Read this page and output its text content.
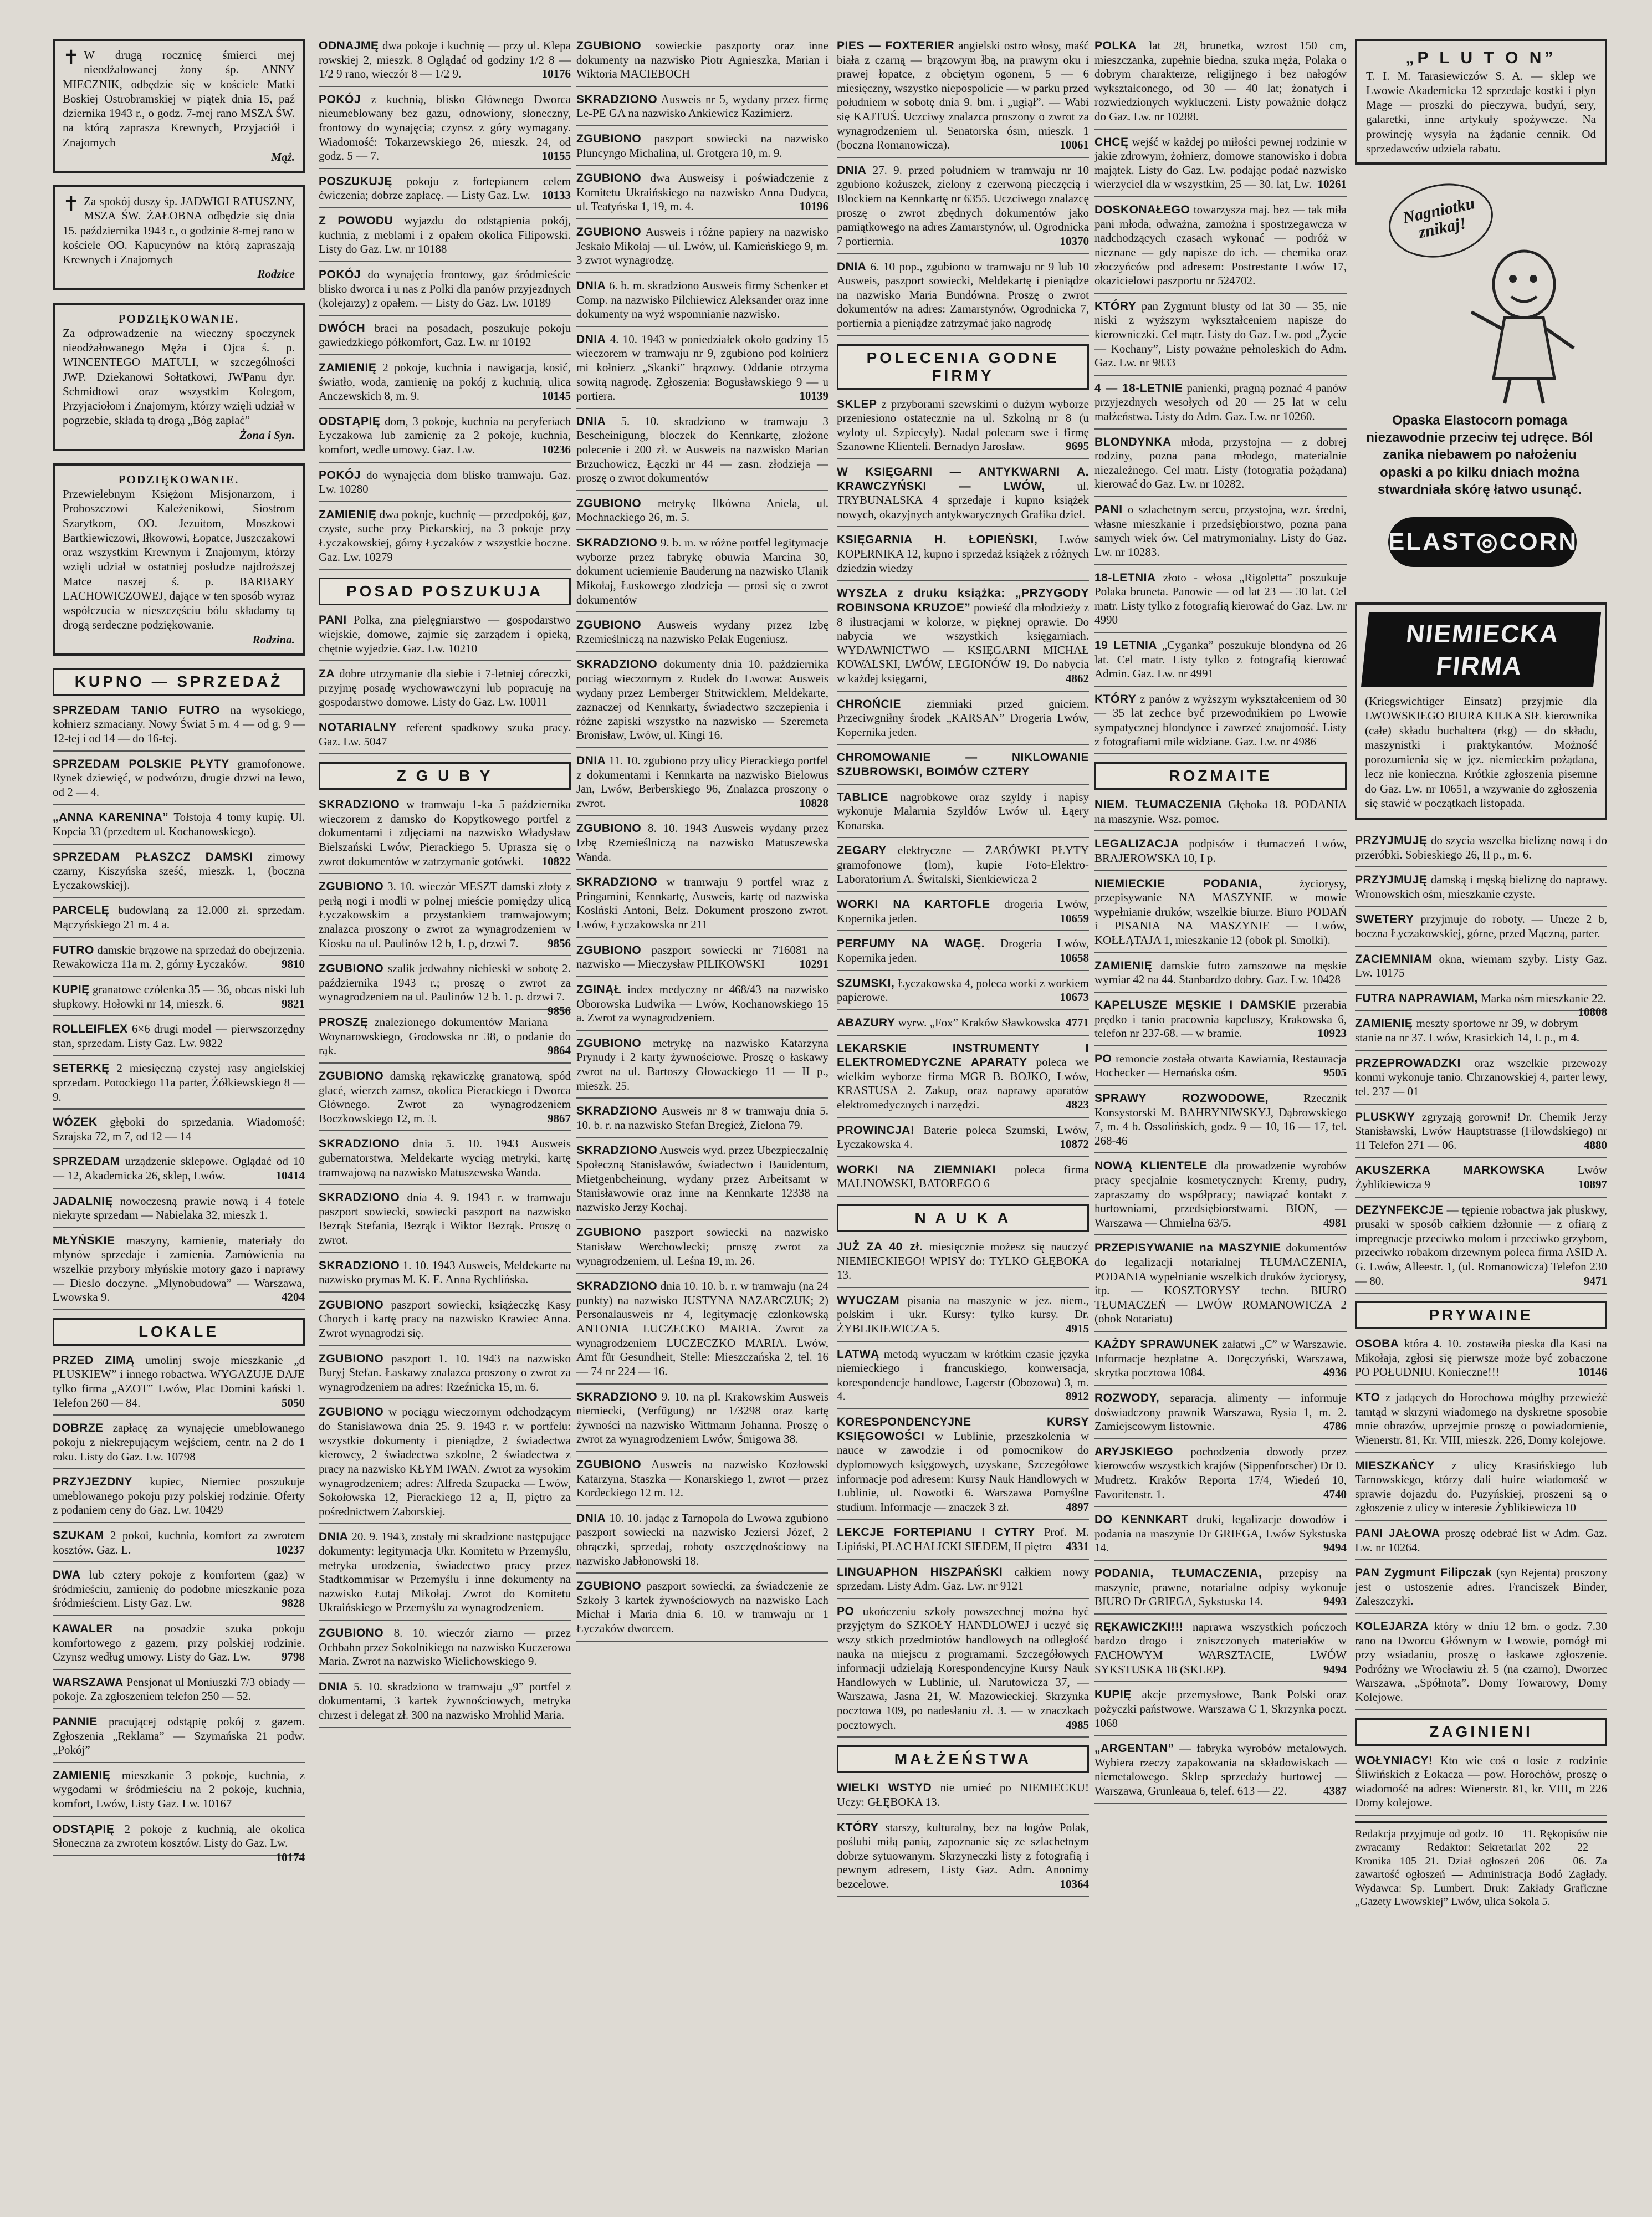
✝ W drugą rocznicę śmierci mej nieodżałowanej żony śp. ANNY MIECZNIK, odbędzie się w kościele Matki Boskiej Ostrobramskiej w piątek dnia 15, paź dziernika 1943 r., o godz. 7-mej rano MSZA ŚW. na którą zaprasza Krewnych, Przyjaciół i Znajomych
Mąż.
✝ Za spokój duszy śp. JADWIGI RATUSZNY, MSZA ŚW. ŻAŁOBNA odbędzie się dnia 15. października 1943 r., o godzinie 8-mej rano w kościele OO. Kapucynów na którą zapraszają Krewnych i Znajomych
Rodzice
PODZIĘKOWANIE.
Za odprowadzenie na wieczny spoczynek nieodżałowanego Męża i Ojca ś. p. WINCENTEGO MATULI, w szczególności JWP. Dziekanowi Sołtatkowi, JWPanu dyr. Schmidtowi oraz wszystkim Kolegom, Przyjaciołom i Znajomym, którzy wzięli udział w pogrzebie, składa tą drogą „Bóg zapłać”
Żona i Syn.
PODZIĘKOWANIE.
Przewielebnym Księżom Misjonarzom, i Proboszczowi Kależenikowi, Siostrom Szarytkom, OO. Jezuitom, Moszkowi Bartkiewiczowi, Iłkowowi, Łopatce, Juszczakowi oraz wszystkim Krewnym i Znajomym, którzy wzięli udział w ostatniej posłudze najdroższej Matce naszej ś. p. BARBARY LACHOWICZOWEJ, dające w ten sposób wyraz współczucia w nieszczęściu bólu składamy tą drogą serdeczne podziękowanie.
Rodzina.
KUPNO — SPRZEDAŻ

SPRZEDAM TANIO FUTRO na wysokiego, kołnierz szmaciany. Nowy Świat 5 m. 4 — od g. 9 — 12-tej i od 14 — do 16-tej.

SPRZEDAM POLSKIE PŁYTY gramofonowe. Rynek dziewięć, w podwórzu, drugie drzwi na lewo, od 2 — 4.

„ANNA KARENINA” Tołstoja 4 tomy kupię. Ul. Kopcia 33 (przedtem ul. Kochanowskiego).

SPRZEDAM PŁASZCZ DAMSKI zimowy czarny, Kiszyńska sześć, mieszk. 1, (boczna Łyczakowskiej).

PARCELĘ budowlaną za 12.000 zł. sprzedam. Mączyńskiego 21 m. 4 a.

FUTRO damskie brązowe na sprzedaż do obejrzenia. Rewakowicza 11a m. 2, górny Łyczaków.	9810

KUPIĘ granatowe czółenka 35 — 36, obcas niski lub słupkowy. Hołowki nr 14, mieszk. 6.	9821

ROLLEIFLEX 6×6 drugi model — pierwszorzędny stan, sprzedam. Listy Gaz. Lw. 9822

SETERKĘ 2 miesięczną czystej rasy angielskiej sprzedam. Potockiego 11a parter, Żółkiewskiego 8 — 9.

WÓZEK głęboki do sprzedania. Wiadomość: Szrajska 72, m 7, od 12 — 14

SPRZEDAM urządzenie sklepowe. Oglądać od 10 — 12, Akademicka 26, sklep, Lwów.	10414

JADALNIĘ nowoczesną prawie nową i 4 fotele niekryte sprzedam — Nabielaka 32, mieszk 1.

MŁYŃSKIE maszyny, kamienie, materiały do młynów sprzedaje i zamienia. Zamówienia na wszelkie przybory młyńskie motory gazo i naprawy — Dieslo doczyne. „Młynobudowa” — Warszawa, Lwowska 9.	4204

LOKALE

PRZED ZIMĄ umolinj swoje mieszkanie „d PLUSKIEW” i innego robactwa. WYGAZUJE DAJE tylko firma „AZOT” Lwów, Plac Domini kański 1. Telefon 260 — 84.	5050

DOBRZE zapłacę za wynajęcie umeblowanego pokoju z niekrepującym wejściem, centr. na 2 do 1 roku. Listy do Gaz. Lw. 10798

PRZYJEZDNY kupiec, Niemiec poszukuje umeblowanego pokoju przy polskiej rodzinie. Oferty z podaniem ceny do Gaz. Lw. 10429

SZUKAM 2 pokoi, kuchnia, komfort za zwrotem kosztów. Gaz. L.	10237

DWA lub cztery pokoje z komfortem (gaz) w śródmieściu, zamienię do podobne mieszkanie poza śródmieściem. Listy Gaz. Lw.	9828

KAWALER na posadzie szuka pokoju komfortowego z gazem, przy polskiej rodzinie. Czynsz według umowy. Listy do Gaz. Lw.	9798

WARSZAWA Pensjonat ul Moniuszki 7/3 obiady — pokoje. Za zgłoszeniem telefon 250 — 52.

PANNIE pracującej odstąpię pokój z gazem. Zgłoszenia „Reklama” — Szymańska 21 podw. „Pokój”

ZAMIENIĘ mieszkanie 3 pokoje, kuchnia, z wygodami w śródmieściu na 2 pokoje, kuchnia, komfort, Lwów, Listy Gaz. Lw. 10167

ODSTĄPIĘ 2 pokoje z kuchnią, ale okolica Słoneczna za zwrotem kosztów. Listy do Gaz. Lw.
10174

ODNAJMĘ dwa pokoje i kuchnię — przy ul. Klepa rowskiej 2, mieszk. 8 Oglądać od godziny 1/2 8 — 1/2 9 rano, wieczór 8 — 1/2 9.	10176

POKÓJ z kuchnią, blisko Głównego Dworca nieumeblowany bez gazu, odnowiony, słoneczny, frontowy do wynajęcia; czynsz z góry wymagany. Wiadomość: Tokarzewskiego 26, mieszk. 24, od godz. 5 — 7.	10155

POSZUKUJĘ pokoju z fortepianem celem ćwiczenia; dobrze zapłacę. — Listy Gaz. Lw. 10133

Z POWODU wyjazdu do odstąpienia pokój, kuchnia, z meblami i z opałem okolica Filipowski. Listy do Gaz. Lw. nr 10188

POKÓJ do wynajęcia frontowy, gaz śródmieście blisko dworca i u nas z Polki dla panów przyjezdnych (kolejarzy) z opałem. — Listy do Gaz. Lw. 10189

DWÓCH braci na posadach, poszukuje pokoju gawiedzkiego półkomfort, Gaz. Lw. nr 10192

ZAMIENIĘ 2 pokoje, kuchnia i nawigacja, kosić, światło, woda, zamienię na pokój z kuchnią, ulica Anczewskich 8, m. 9.	10145

ODSTĄPIĘ dom, 3 pokoje, kuchnia na peryferiach Łyczakowa lub zamienię za 2 pokoje, kuchnia, komfort, wedle umowy. Gaz. Lw.	10236

POKÓJ do wynajęcia dom blisko tramwaju. Gaz. Lw. 10280

ZAMIENIĘ dwa pokoje, kuchnię — przedpokój, gaz, czyste, suche przy Piekarskiej, na 3 pokoje przy Łyczakowskiej, górny Łyczaków z wszystkie boczne. Gaz. Lw. 10279

POSAD POSZUKUJA

PANI Polka, zna pielęgniarstwo — gospodarstwo wiejskie, domowe, zajmie się zarządem i opieką, chętnie wyjedzie. Gaz. Lw. 10210

ZA dobre utrzymanie dla siebie i 7-letniej córeczki, przyjmę posadę wychowawczyni lub popracuję na gospodarstwo domowe. Listy do Gaz. Lw. 10011

NOTARIALNY referent spadkowy szuka pracy. Gaz. Lw. 5047

Z G U B Y

SKRADZIONO w tramwaju 1-ka 5 października wieczorem z damsko do Kopytkowego portfel z dokumentami i zdjęciami na nazwisko Władysław Bielszański Lwów, Pierackiego 5. Uprasza się o zwrot dokumentów w zatrzymanie gotówki. 10822

ZGUBIONO 3. 10. wieczór MESZT damski złoty z perłą nogi i modli w polnej mieście pomiędzy ulicą Łyczakowskim a przystankiem tramwajowym; znalazca proszony o zwrot za wynagrodzeniem w Kiosku na ul. Paulinów 12 b, 1. p, drzwi 7.	9856

ZGUBIONO szalik jedwabny niebieski w sobotę 2. października 1943 r.; proszę o zwrot za wynagrodzeniem na ul. Paulinów 12 b. 1. p. drzwi 7.
9856

PROSZĘ znalezionego dokumentów Mariana Woynarowskiego, Grodowska nr 38, o podanie do rąk.	9864

ZGUBIONO damską rękawiczkę granatową, spód glacé, wierzch zamsz, okolica Pierackiego i Dworca Głównego. Zwrot za wynagrodzeniem Boczkowskiego 12, m. 3.	9867

SKRADZIONO dnia 5. 10. 1943 Ausweis gubernatorstwa, Meldekarte wyciąg metryki, kartę tramwajową na nazwisko Matuszewska Wanda.

SKRADZIONO dnia 4. 9. 1943 r. w tramwaju paszport sowiecki, sowiecki paszport na nazwisko Bezrąk Stefania, Bezrąk i Wiktor Bezrąk. Proszę o zwrot.

SKRADZIONO 1. 10. 1943 Ausweis, Meldekarte na nazwisko prymas M. K. E. Anna Rychlińska.

ZGUBIONO paszport sowiecki, książeczkę Kasy Chorych i kartę pracy na nazwisko Krawiec Anna. Zwrot wynagrodzi się.

ZGUBIONO paszport 1. 10. 1943 na nazwisko Buryj Stefan. Łaskawy znalazca proszony o zwrot za wynagrodzeniem na adres: Rzeźnicka 15, m. 6.

ZGUBIONO w pociągu wieczornym odchodzącym do Stanisławowa dnia 25. 9. 1943 r. w portfelu: wszystkie dokumenty i pieniądze, 2 świadectwa kierowcy, 2 świadectwa szkolne, 2 świadectwa z pracy na nazwisko KŁYM IWAN. Zwrot za wysokim wynagrodzeniem; adres: Alfreda Szupacka — Lwów, Sokołowska 12, Pierackiego 12 a, II, piętro za pośrednictwem Zaborskiej.

DNIA 20. 9. 1943, zostały mi skradzione następujące dokumenty: legitymacja Ukr. Komitetu w Przemyślu, metryka urodzenia, świadectwo pracy przez Stadtkommisar w Przemyślu i inne dokumenty na nazwisko Łutaj Mikołaj. Zwrot do Komitetu Ukraińskiego w Przemyślu za wynagrodzeniem.

ZGUBIONO 8. 10. wieczór ziarno — przez Ochbahn przez Sokolnikiego na nazwisko Kuczerowa Maria. Zwrot na nazwisko Wielichowskiego 9.

DNIA 5. 10. skradziono w tramwaju „9” portfel z dokumentami, 3 kartek żywnościowych, metryka chrzest i delegat zł. 300 na nazwisko Mrohlid Maria.

ZGUBIONO sowieckie paszporty oraz inne dokumenty na nazwisko Piotr Agnieszka, Marian i Wiktoria MACIEBOCH

SKRADZIONO Ausweis nr 5, wydany przez firmę Le-PE GA na nazwisko Ankiewicz Kazimierz.

ZGUBIONO paszport sowiecki na nazwisko Pluncyngo Michalina, ul. Grotgera 10, m. 9.

ZGUBIONO dwa Ausweisy i poświadczenie z Komitetu Ukraińskiego na nazwisko Anna Dudyca, ul. Teatyńska 1, 19, m. 4.	10196

ZGUBIONO Ausweis i różne papiery na nazwisko Jeskało Mikołaj — ul. Lwów, ul. Kamieńskiego 9, m. 3 zwrot wynagrodzę.

DNIA 6. b. m. skradziono Ausweis firmy Schenker et Comp. na nazwisko Pilchiewicz Aleksander oraz inne dokumenty na wyż wspomnianie nazwisko.

DNIA 4. 10. 1943 w poniedziałek około godziny 15 wieczorem w tramwaju nr 9, zgubiono pod kołnierz mi kołnierz „Skanki” brązowy. Oddanie otrzyma sowitą nagrodę. Zgłoszenia: Bogusławskiego 9 — u portiera.	10139

DNIA 5. 10. skradziono w tramwaju 3 Bescheinigung, bloczek do Kennkartę, złożone polecenie i 200 zł. w Ausweis na nazwisko Marian Brzuchowicz, Łączki nr 44 — zasn. złodzieja — proszę o zwrot dokumentów

ZGUBIONO metrykę Ilkówna Aniela, ul. Mochnackiego 26, m. 5.

SKRADZIONO 9. b. m. w różne portfel legitymacje wyborze przez fabrykę obuwia Marcina 30, dokument uciemienie Bauderung na nazwisko Ulanik Mikołaj, Łuskowego złodzieja — prosi się o zwrot dokumentów

ZGUBIONO Ausweis wydany przez Izbę Rzemieślniczą na nazwisko Pelak Eugeniusz.

SKRADZIONO dokumenty dnia 10. października pociąg wieczornym z Rudek do Lwowa: Ausweis wydany przez Lemberger Stritwicklem, Meldekarte, zaznaczej od Kennkarty, świadectwo szczepienia i różne zapiski wszystko na nazwisko — Szeremeta Bronisław, Lwów, ul. Kingi 16.

DNIA 11. 10. zgubiono przy ulicy Pierackiego portfel z dokumentami i Kennkarta na nazwisko Bielowus Jan, Lwów, Berberskiego 96, Znalazca proszony o zwrot.	10828

ZGUBIONO 8. 10. 1943 Ausweis wydany przez Izbę Rzemieślniczą na nazwisko Matuszewska Wanda.

SKRADZIONO w tramwaju 9 portfel wraz z Pringamini, Kennkartę, Ausweis, kartę od nazwiska Koslński Antoni, Bełz. Dokument proszono zwrot. Lwów, Łyczakowska nr 211

ZGUBIONO paszport sowiecki nr 716081 na nazwisko — Mieczysław PILIKOWSKI	10291

ZGINĄŁ index medyczny nr 468/43 na nazwisko Oborowska Ludwika — Lwów, Kochanowskiego 15 a. Zwrot za wynagrodzeniem.

ZGUBIONO metrykę na nazwisko Katarzyna Prynudy i 2 karty żywnościowe. Proszę o łaskawy zwrot na ul. Bartoszy Głowackiego 11 — II p., mieszk. 25.

SKRADZIONO Ausweis nr 8 w tramwaju dnia 5. 10. b. r. na nazwisko Stefan Bregież, Zielona 79.

SKRADZIONO Ausweis wyd. przez Ubezpieczalnię Społeczną Stanisławów, świadectwo i Bauidentum, Mietgenbcheinung, wydany przez Arbeitsamt w Stanisławowie oraz inne na Kennkarte 12338 na nazwisko Jerzy Kochaj.

ZGUBIONO paszport sowiecki na nazwisko Stanisław Werchowlecki; proszę zwrot za wynagrodzeniem, ul. Leśna 19, m. 26.

SKRADZIONO dnia 10. 10. b. r. w tramwaju (na 24 punkty) na nazwisko JUSTYNA NAZARCZUK; 2) Personalausweis nr 4, legitymację członkowską ANTONIA LUCZECKO MARIA. Zwrot za wynagrodzeniem LUCZECZKO MARIA. Lwów, Amt für Gesundheit, Stelle: Mieszczańska 2, tel. 16 — 74 nr 224 — 16.

SKRADZIONO 9. 10. na pl. Krakowskim Ausweis niemiecki, (Verfügung) nr 1/3298 oraz kartę żywności na nazwisko Wittmann Johanna. Proszę o zwrot za wynagrodzeniem Lwów, Śmigowa 38.

ZGUBIONO Ausweis na nazwisko Kozłowski Katarzyna, Staszka — Konarskiego 1, zwrot — przez Kordeckiego 12 m. 12.

DNIA 10. 10. jadąc z Tarnopola do Lwowa zgubiono paszport sowiecki na nazwisko Jeziersi Józef, 2 obrączki, sprzedaj, roboty oszczędnościowy na nazwisko Jabłonowski 18.

ZGUBIONO paszport sowiecki, za świadczenie ze Szkoły 3 kartek żywnościowych na nazwisko Lach Michał i Maria dnia 6. 10. w tramwaju nr 1 Łyczaków dworcem.

PIES — FOXTERIER angielski ostro włosy, maść biała z czarną — brązowym łbą, na prawym oku i prawej łopatce, z obciętym ogonem, 5 — 6 miesięczny, wszystko niepospolicie — w parku przed południem w sobotę dnia 9. bm. i „ugiął”. — Wabi się KAJTUŚ. Uczciwy znalazca proszony o zwrot za wynagrodzeniem ul. Senatorska ósm, mieszk. 1 (boczna Romanowicza).	10061

DNIA 27. 9. przed południem w tramwaju nr 10 zgubiono kożuszek, zielony z czerwoną pieczęcią i Blockiem na Kennkartę nr 6355. Uczciwego znalazcę proszę o zwrot zbędnych dokumentów jako pamiątkowego na adres Zamarstynów, ul. Ogrodnicka 7 portiernia.	10370

DNIA 6. 10 pop., zgubiono w tramwaju nr 9 lub 10 Ausweis, paszport sowiecki, Meldekartę i pieniądze na nazwisko Maria Bundówna. Proszę o zwrot dokumentów na adres: Zamarstynów, Ogrodnicka 7, portiernia a pieniądze zatrzymać jako nagrodę

POLECENIA GODNE FIRMY

SKLEP z przyborami szewskimi o dużym wyborze przeniesiono ostatecznie na ul. Szkolną nr 8 (u wyloty ul. Szpiecyły). Nadal polecam swe i firmę Szanowne Klienteli. Bernadyn Jarosław.	9695

W KSIĘGARNI — ANTYKWARNI A. KRAWCZYŃSKI — LWÓW,	ul. TRYBUNALSKA 4 sprzedaje i kupno książek nowych, okazyjnych antykwarycznych Grafika dzieł.

KSIĘGARNIA H. ŁOPIEŃSKI, Lwów KOPERNIKA 12, kupno i sprzedaż książek z różnych dziedzin wiedzy

WYSZŁA z druku książka: „PRZYGODY ROBINSONA KRUZOE” powieść dla młodzieży z 8 ilustracjami w kolorze, w pięknej oprawie. Do nabycia we wszystkich księgarniach. WYDAWNICTWO — KSIĘGARNI MICHAŁ KOWALSKI, LWÓW, LEGIONÓW 19. Do nabycia w każdej księgarni,	4862

CHROŃCIE ziemniaki przed gniciem. Przeciwgniłny środek „KARSAN” Drogeria Lwów, Kopernika jeden.

CHROMOWANIE — NIKLOWANIE SZUBROWSKI, BOIMÓW CZTERY

TABLICE nagrobkowe oraz szyldy i napisy wykonuje Malarnia Szyldów Lwów ul. Łąery Konarska.

ZEGARY elektryczne — ŻARÓWKI PŁYTY gramofonowe (lom), kupie Foto-Elektro-Laboratorium A. Świtalski, Sienkiewicza 2

WORKI NA KARTOFLE drogeria Lwów, Kopernika jeden.	10659

PERFUMY NA WAGĘ. Drogeria Lwów, Kopernika jeden.	10658

SZUMSKI, Łyczakowska 4, poleca worki z workiem papierowe.	10673

ABAZURY wyrw. „Fox” Kraków Sławkowska 4771

LEKARSKIE INSTRUMENTY I ELEKTROMEDYCZNE APARATY poleca we wielkim wyborze firma MGR B. BOJKO, Lwów, KRASTUSA 2. Zakup, oraz naprawy aparatów elektromedycznych i narzędzi.	4823

PROWINCJA! Baterie poleca Szumski, Lwów, Łyczakowska 4.	10872

WORKI NA ZIEMNIAKI poleca firma MALINOWSKI, BATOREGO 6

N A U K A

JUŻ ZA 40 zł. miesięcznie możesz się nauczyć NIEMIECKIEGO! WPISY do: TYLKO GŁĘBOKA 13.

WYUCZAM pisania na maszynie w jez. niem., polskim i ukr. Kursy: tylko kursy. Dr. ŻYBLIKIEWICZA 5.	4915

LATWĄ metodą wyuczam w krótkim czasie języka niemieckiego i francuskiego, konwersacja, korespondencje handlowe, Lagerstr (Obozowa) 3, m. 4.	8912

KORESPONDENCYJNE KURSY KSIĘGOWOŚCI w Lublinie, przeszkolenia w nauce w zawodzie i od pomocnikow do dyplomowych księgowych, uzyskane, Szczegółowe informacje pod adresem: Kursy Nauk Handlowych w Lublinie, ul. Nowotki 6. Warszawa Pomyślne studium. Informacje — znaczek 3 zł.	4897

LEKCJE FORTEPIANU I CYTRY Prof. M. Lipiński, PLAC HALICKI SIEDEM, II piętro 4331

LINGUAPHON HISZPAŃSKI całkiem nowy sprzedam. Listy Adm. Gaz. Lw. nr 9121

PO ukończeniu szkoły powszechnej można być przyjętym do SZKOŁY HANDLOWEJ i uczyć się wszy stkich przedmiotów handlowych na odległość nauka na miejscu z programami. Szczegółowych informacji udzielają Korespondencyjne Kursy Nauk Handlowych w Lublinie, ul. Narutowicza 37, — Warszawa, Jasna 21, W. Mazowieckiej. Skrzynka pocztowa 109, po nadesłaniu zł. 3. — w znaczkach pocztowych.	4985

MAŁŻEŃSTWA

WIELKI WSTYD nie umieć po NIEMIECKU! Uczy: GŁĘBOKA 13.

KTÓRY starszy, kulturalny, bez na łogów Polak, poślubi miłą panią, zapoznanie się ze szlachetnym dobrze sytuowanym. Skrzyneczki listy z fotografią i pewnym adresem, Listy Gaz. Adm. Anonimy bezcelowe.	10364

POLKA lat 28, brunetka, wzrost 150 cm, mieszczanka, zupełnie biedna, szuka męża, Polaka o dobrym charakterze, religijnego i bez nałogów wykształconego, od 30 — 40 lat; żonatych i rozwiedzionych wykluczeni. Listy poważnie dołącz do Gaz. Lw. nr 10288.

CHCĘ wejść w każdej po miłości pewnej rodzinie w jakie zdrowym, żołnierz, domowe stanowisko i dobra majątek. Listy do Gaz. Lw. podając podać nazwisko wierzyciel dla w wszystkim, 25 — 30. lat, Lw. 10261

DOSKONAŁEGO towarzysza maj. bez — tak miła pani młoda, odważna, zamożna i spostrzegawcza w nadchodzących czasach wykonać — podróż w nieznane — gdy napisze do ich. — chemika oraz złoczyńców pod adresem: Postrestante Lwów 17, okazicielowi paszportu nr 524702.

KTÓRY pan Zygmunt blusty od lat 30 — 35, nie niski z wyższym wykształceniem napisze do kierowniczki. Cel mątr. Listy do Gaz. Lw. pod „Życie — Kochany”, Listy poważne pełnoleskich do Adm. Gaz. Lw. nr 9833

4 — 18-LETNIE panienki, pragną poznać 4 panów przyjezdnych wesołych od 20 — 25 lat w celu małżeństwa. Listy do Adm. Gaz. Lw. nr 10260.

BLONDYNKA młoda, przystojna — z dobrej rodziny, pozna pana młodego, materialnie niezależnego. Cel matr. Listy (fotografia pożądana) kierować do Gaz. Lw. nr 10282.

PANI o szlachetnym sercu, przystojna, wzr. średni, własne mieszkanie i przedsiębiorstwo, pozna pana samych wiek ów. Cel matrymonialny. Listy do Gaz. Lw. nr 10283.

18-LETNIA złoto - włosa „Rigoletta” poszukuje Polaka bruneta. Panowie — od lat 23 — 30 lat. Cel matr. Listy tylko z fotografią kierować do Gaz. Lw. nr 4990

19 LETNIA „Cyganka” poszukuje blondyna od 26 lat. Cel matr. Listy tylko z fotografią kierować Admin. Gaz. Lw. nr 4991

KTÓRY z panów z wyższym wykształceniem od 30 — 35 lat zechce być przewodnikiem po Lwowie sympatycznej blondynce i zawrzeć znajomość. Listy z fotografiami mile widziane. Gaz. Lw. nr 4986

ROZMAITE

NIEM. TŁUMACZENIA Głęboka 18. PODANIA na maszynie. Wsz. pomoc.

LEGALIZACJA podpisów i tłumaczeń Lwów, BRAJEROWSKA 10, I p.

NIEMIECKIE PODANIA,	życiorysy, przepisywanie NA MASZYNIE w mowie wypełnianie druków, wszelkie biurze. Biuro PODAŃ i PISANIA NA MASZYNIE — Lwów, KOŁŁĄTAJA 1, mieszkanie 12 (obok pl. Smolki).

ZAMIENIĘ damskie futro zamszowe na męskie wymiar 42 na 44. Stanbardzo dobry. Gaz. Lw. 10428

KAPELUSZE MĘSKIE I DAMSKIE przerabia prędko i tanio pracownia kapeluszy, Krakowska 6, telefon nr 237-68. — w bramie.	10923

PO remoncie została otwarta Kawiarnia, Restauracja Hochecker — Hernańska ośm.	9505

SPRAWY ROZWODOWE,	Rzecznik Konsystorski M. BAHRYNIWSKYJ, Dąbrowskiego 7, m. 4 b. Ossolińskich, godz. 9 — 10, 16 — 17, tel. 268-46

NOWĄ KLIENTELE dla prowadzenie wyrobów pracy specjalnie kosmetycznych: Kremy, pudry, zapraszamy do współpracy; nawiązać kontakt z hurtowniami, przedsiębiorstwami. BION, — Warszawa — Chmielna 63/5.	4981

PRZEPISYWANIE na MASZYNIE dokumentów do legalizacji notarialnej TŁUMACZENIA, PODANIA wypełnianie wszelkich druków życiorysy, itp. — KOSZTORYSY techn. BIURO TŁUMACZEŃ — LWÓW ROMANOWICZA 2 (obok Notariatu)

KAŻDY SPRAWUNEK załatwi „C” w Warszawie. Informacje bezpłatne A. Doręczyński, Warszawa, skrytka pocztowa 1084.	4936

ROZWODY, separacja, alimenty — informuje doświadczony prawnik Warszawa, Rysia 1, m. 2. Zamiejscowym listownie.	4786

ARYJSKIEGO pochodzenia dowody przez kierowców wszystkich krajów (Sippenforscher) Dr D. Mudretz. Kraków Reporta 17/4, Wiedeń 10, Favoritenstr. 1.	4740

DO KENNKART druki, legalizacje dowodów i podania na maszynie Dr GRIEGA, Lwów Sykstuska 14.	9494

PODANIA, TŁUMACZENIA, przepisy na maszynie, prawne, notarialne odpisy wykonuje BIURO Dr GRIEGA, Sykstuska 14.	9493

RĘKAWICZKI!!! naprawa wszystkich pończoch bardzo drogo i zniszczonych materiałów w FACHOWYM WARSZTACIE, LWÓW SYKSTUSKA 18 (SKLEP).	9494

KUPIĘ akcje przemysłowe, Bank Polski oraz pożyczki państwowe. Warszawa C 1, Skrzynka poczt. 1068

„ARGENTAN” — fabryka wyrobów metalowych. Wybiera rzeczy zapakowania na składowiskach — niemetalowego. Sklep sprzedaży hurtowej — Warszawa, Grunleaua 6, telef. 613 — 22.	4387

„P L U T O N”
T. I. M. Tarasiewiczów S. A. — sklep we Lwowie Akademicka 12 sprzedaje kostki i płyn Mage — proszki do pieczywa, budyń, sery, galaretki, inne artykuły spożywcze. Na prowincję wysyła na żądanie cennik. Od sprzedawców udziela rabatu.
Nagniotku znikaj!
Opaska Elastocorn pomaga niezawodnie przeciw tej udręce. Ból zanika niebawem po nałożeniu opaski a po kilku dniach można stwardniała skórę łatwo usunąć.
ELAST◎CORN
NIEMIECKA FIRMA
(Kriegswichtiger Einsatz) przyjmie dla LWOWSKIEGO BIURA KILKA SIŁ kierownika (całe) składu buchaltera (rkg) — do składu, maszynistki i praktykantów. Możność porozumienia się w jęz. niemieckim pożądana, lecz nie konieczna. Krótkie zgłoszenia pisemne do Gaz. Lw. nr 10651, a wzywanie do zgłoszenia się stawić w początkach listopada.

PRZYJMUJĘ do szycia wszelka bieliznę nową i do przeróbki. Sobieskiego 26, II p., m. 6.

PRZYJMUJĘ damską i męską bieliznę do naprawy. Wronowskich ośm, mieszkanie czyste.

SWETERY przyjmuje do roboty. — Uneze 2 b, boczna Łyczakowskiej, górne, przed Mączną, parter.

ZACIEMNIAM okna, wiemam szyby. Listy Gaz. Lw. 10175

FUTRA NAPRAWIAM, Marka ośm mieszkanie 22.
10808

ZAMIENIĘ meszty sportowe nr 39, w dobrym stanie na nr 37. Lwów, Krasickich 14, I. p., m 4.

PRZEPROWADZKI oraz wszelkie przewozy konmi wykonuje tanio. Chrzanowskiej 4, parter lewy, tel. 237 — 01

PLUSKWY zgryzają gorowni! Dr. Chemik Jerzy Stanisławski, Lwów Hauptstrasse (Filowdskiego) nr 11 Telefon 271 — 06.	4880

AKUSZERKA MARKOWSKA	Lwów Żyblikiewicza 9	10897

DEZYNFEKCJE — tępienie robactwa jak pluskwy, prusaki w sposób całkiem dzłonnie — z ofiarą z impregnacje przeciwko molom i przeciwko grzybom, przeciwko robakom drzewnym poleca firma ASID A. G. Lwów, Alleestr. 1, (ul. Romanowicza) Telefon 230 — 80.	9471

PRYWAINE

OSOBA która 4. 10. zostawiła pieska dla Kasi na Mikołaja, zgłosi się pierwsze może być zobaczone PO POŁUDNIU. Konieczne!!!	10146

KTO z jadących do Horochowa mógłby przewieźć tamtąd w skrzyni wiadomego na dyskretne sposobie mnie obrazów, uprzejmie proszę o powiadomienie, Wienerstr. 81, Kr. VIII, mieszk. 226, Domy kolejowe.

MIESZKAŃCY z ulicy Krasińskiego lub Tarnowskiego, którzy dali huire wiadomość w sprawie dojazdu do. Puzyńskiej, proszeni są o zgłoszenie z ulicy w interesie Żyblikiewicza 10

PANI JAŁOWA proszę odebrać list w Adm. Gaz. Lw. nr 10264.

PAN Zygmunt Filipczak (syn Rejenta) proszony jest o ustoszenie adres. Franciszek Binder, Zaleszczyki.

KOLEJARZA który w dniu 12 bm. o godz. 7.30 rano na Dworcu Głównym w Lwowie, pomógł mi przy wsiadaniu, proszę o łaskawe zgłoszenie. Podróżny we Wrocławiu zł. 5 (na czarno), Dworzec Warszawa, „Spółnota”. Domy Towarowy, Domy Kolejowe.

ZAGINIENI

WOŁYNIACY! Kto wie coś o losie z rodzinie Śliwińskich z Łokacza — pow. Horochów, proszę o wiadomość na adres: Wienerstr. 81, kr. VIII, m 226 Domy kolejowe.

Redakcja przyjmuje od godz. 10 — 11. Rękopisów nie zwracamy — Redaktor: Sekretariat 202 — 22 — Kronika 105 21. Dział ogłoszeń 206 — 06. Za zawartość ogłoszeń — Administracja Bodó Zagłady. Wydawca: Sp. Lumbert. Druk: Zakłady Graficzne „Gazety Lwowskiej” Lwów, ulica Sokola 5.
